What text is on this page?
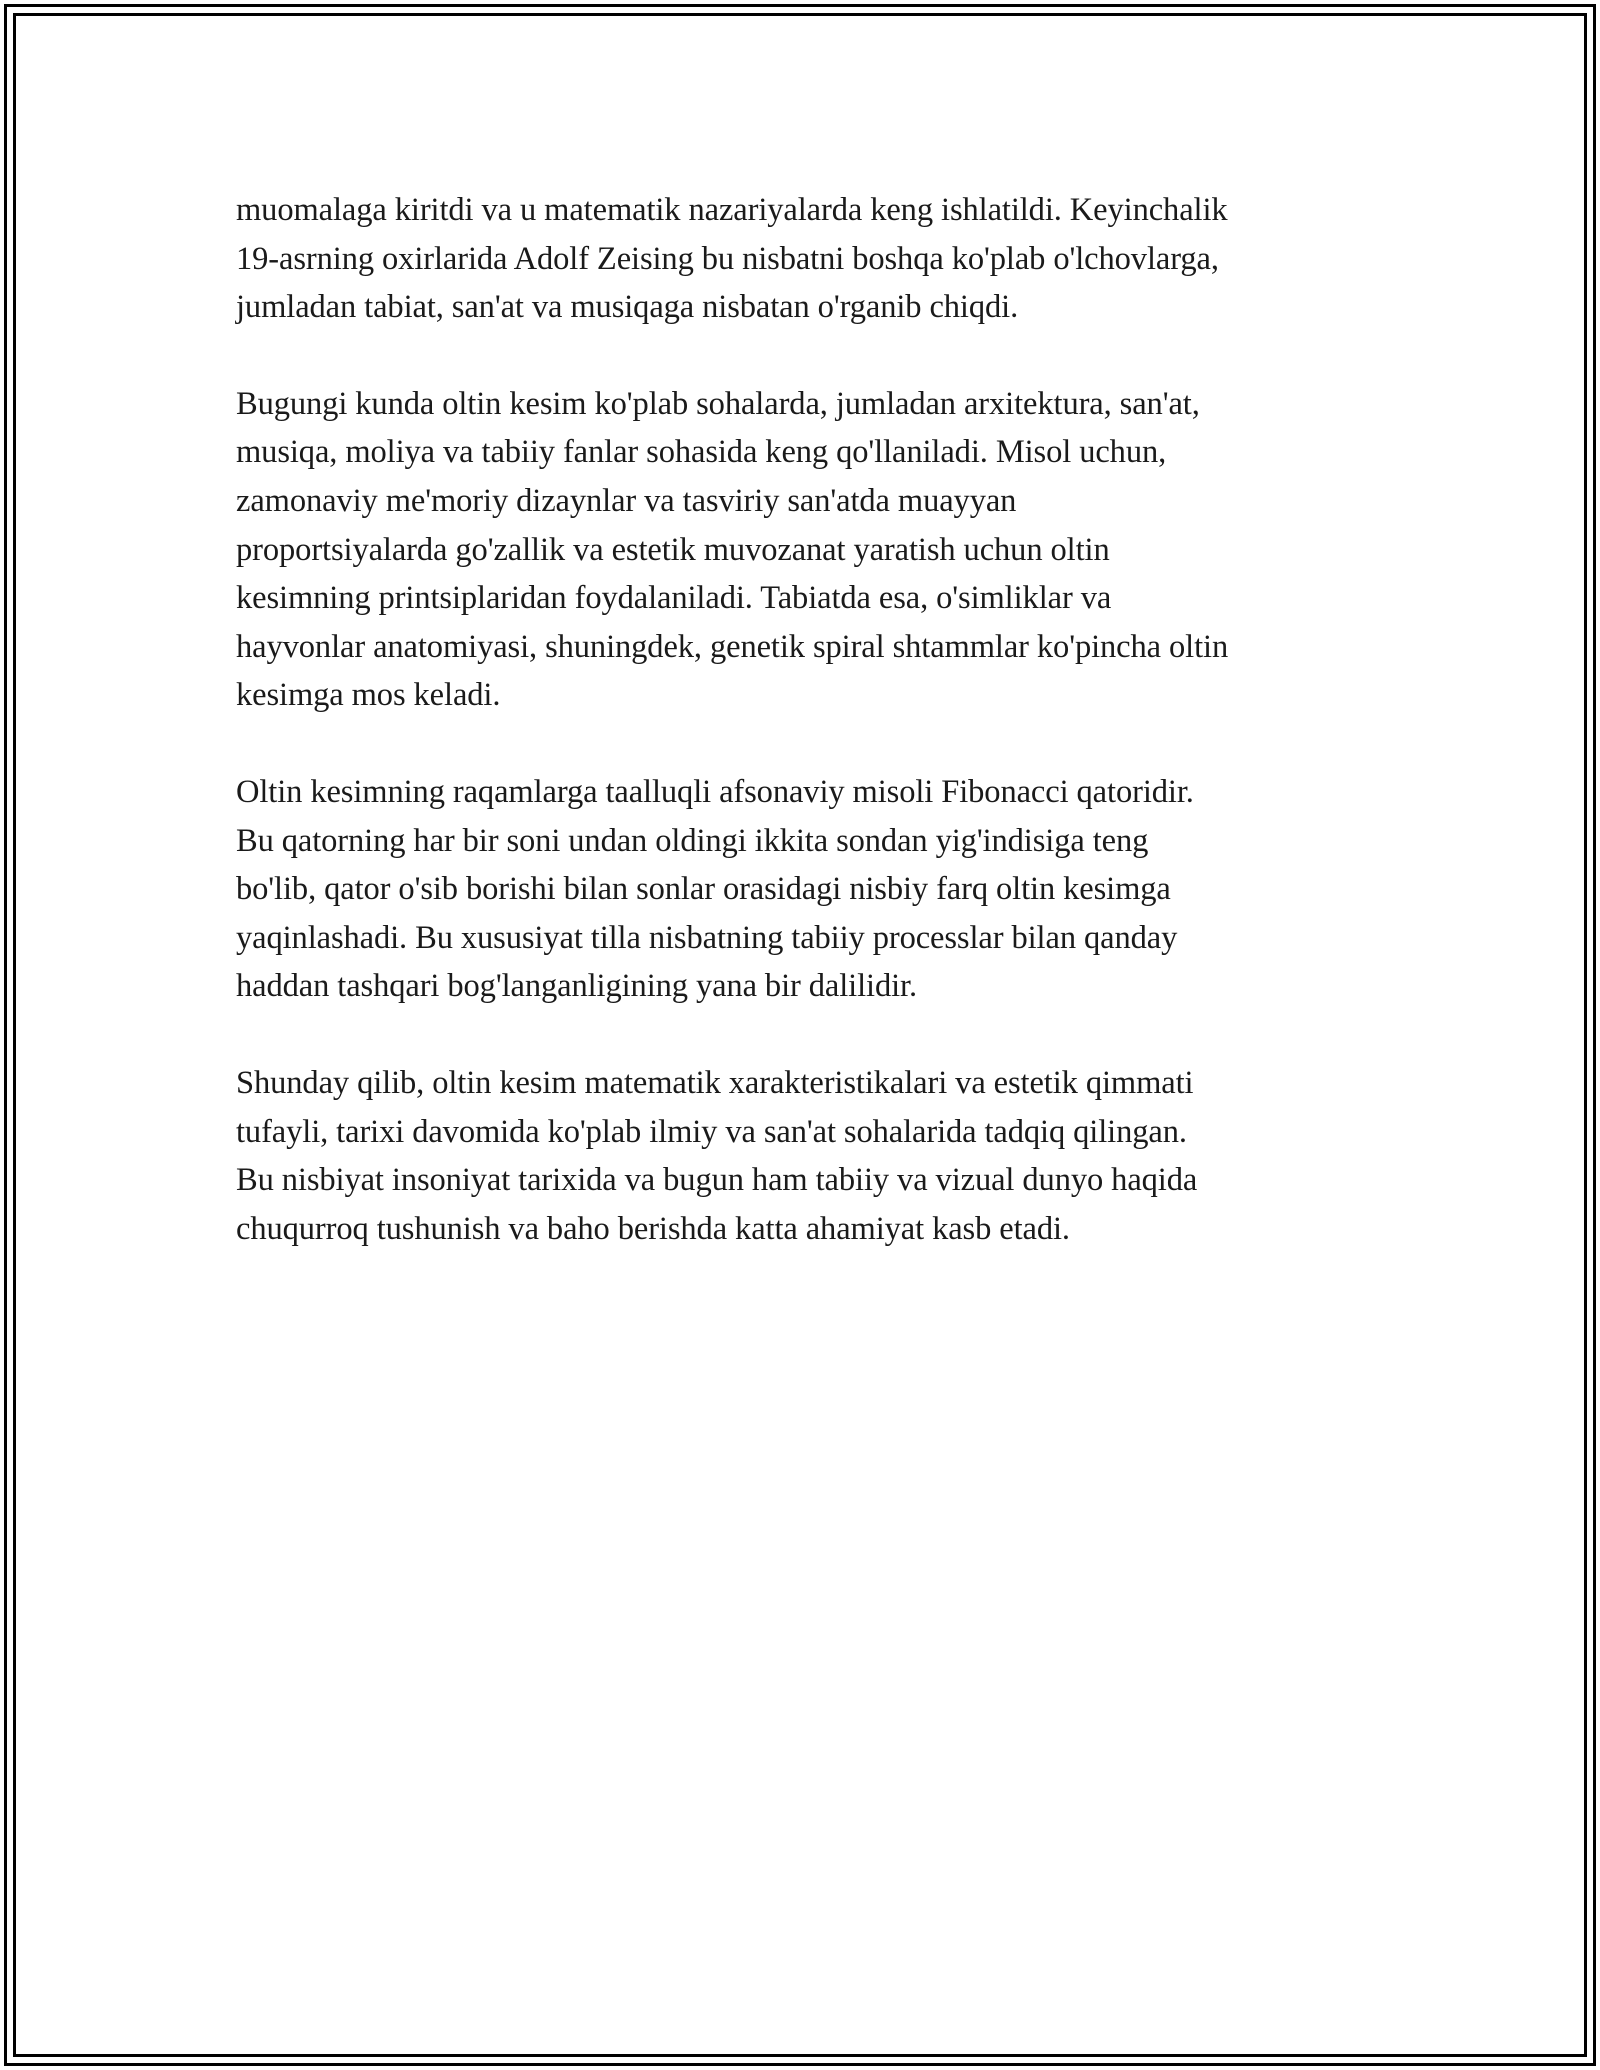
muomalaga kiritdi va u matematik nazariyalarda keng ishlatildi. Keyinchalik
19-asrning oxirlarida Adolf Zeising bu nisbatni boshqa ko'plab o'lchovlarga,
jumladan tabiat, san'at va musiqaga nisbatan o'rganib chiqdi.

Bugungi kunda oltin kesim ko'plab sohalarda, jumladan arxitektura, san'at,
musiqa, moliya va tabiiy fanlar sohasida keng qo'llaniladi. Misol uchun,
zamonaviy me'moriy dizaynlar va tasviriy san'atda muayyan
proportsiyalarda go'zallik va estetik muvozanat yaratish uchun oltin
kesimning printsiplaridan foydalaniladi. Tabiatda esa, o'simliklar va
hayvonlar anatomiyasi, shuningdek, genetik spiral shtammlar ko'pincha oltin
kesimga mos keladi.

Oltin kesimning raqamlarga taalluqli afsonaviy misoli Fibonacci qatoridir.
Bu qatorning har bir soni undan oldingi ikkita sondan yig'indisiga teng
bo'lib, qator o'sib borishi bilan sonlar orasidagi nisbiy farq oltin kesimga
yaqinlashadi. Bu xususiyat tilla nisbatning tabiiy processlar bilan qanday
haddan tashqari bog'langanligining yana bir dalilidir.

Shunday qilib, oltin kesim matematik xarakteristikalari va estetik qimmati
tufayli, tarixi davomida ko'plab ilmiy va san'at sohalarida tadqiq qilingan.
Bu nisbiyat insoniyat tarixida va bugun ham tabiiy va vizual dunyo haqida
chuqurroq tushunish va baho berishda katta ahamiyat kasb etadi.
